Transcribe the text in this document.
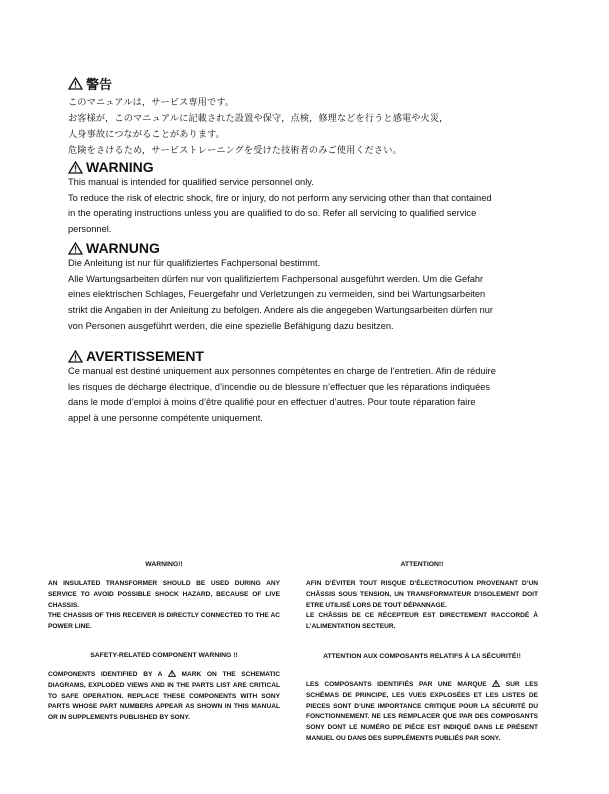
警告
このマニュアルは，サービス専用です。
お客様が，このマニュアルに記載された設置や保守，点検，修理などを行うと感電や火災，
人身事故につながることがあります。
危険をさけるため，サービストレーニングを受けた技術者のみご使用ください。
WARNING

This manual is intended for qualified service personnel only.
To reduce the risk of electric shock, fire or injury, do not perform any servicing other than that contained in the operating instructions unless you are qualified to do so. Refer all servicing to qualified service personnel.

WARNUNG

Die Anleitung ist nur für qualifiziertes Fachpersonal bestimmt.
Alle Wartungsarbeiten dürfen nur von qualifiziertem Fachpersonal ausgeführt werden. Um die Gefahr eines elektrischen Schlages, Feuergefahr und Verletzungen zu vermeiden, sind bei Wartungsarbeiten strikt die Angaben in der Anleitung zu befolgen. Andere als die angegeben Wartungsarbeiten dürfen nur von Personen ausgeführt werden, die eine spezielle Befähigung dazu besitzen.

AVERTISSEMENT

Ce manual est destiné uniquement aux personnes compétentes en charge de l’entretien. Afin de réduire les risques de décharge électrique, d’incendie ou de blessure n’effectuer que les réparations indiquées dans le mode d’emploi à moins d’être qualifié pour en effectuer d’autres. Pour toute réparation faire appel à une personne compétente uniquement.

WARNING!!

AN INSULATED TRANSFORMER SHOULD BE USED DURING ANY SERVICE TO AVOID POSSIBLE SHOCK HAZARD, BECAUSE OF LIVE CHASSIS.
THE CHASSIS OF THIS RECEIVER IS DIRECTLY CONNECTED TO THE AC POWER LINE.

SAFETY-RELATED COMPONENT WARNING !!

COMPONENTS IDENTIFIED BY A  MARK ON THE SCHEMATIC DIAGRAMS, EXPLODED VIEWS AND IN THE PARTS LIST ARE CRITICAL TO SAFE OPERATION. REPLACE THESE COMPONENTS WITH SONY PARTS WHOSE PART NUMBERS APPEAR AS SHOWN IN THIS MANUAL OR IN SUPPLEMENTS PUBLISHED BY SONY.

ATTENTION!!

AFIN D’ÉVITER TOUT RISQUE D’ÉLECTROCUTION PROVENANT D’UN CHÂSSIS SOUS TENSION, UN TRANSFORMATEUR D’ISOLEMENT DOIT ETRE UTILISÉ LORS DE TOUT DÉPANNAGE.
LE CHÂSSIS DE CE RÉCEPTEUR EST DIRECTEMENT RACCORDÉ À L’ALIMENTATION SECTEUR.

ATTENTION AUX COMPOSANTS RELATIFS À LA SÉCURITÉ!!

LES COMPOSANTS IDENTIFIÉS PAR UNE MARQUE  SUR LES SCHÉMAS DE PRINCIPE, LES VUES EXPLOSÉES ET LES LISTES DE PIECES SONT D’UNE IMPORTANCE CRITIQUE POUR LA SÉCURITÉ DU FONCTIONNEMENT. NE LES REMPLACER QUE PAR DES COMPOSANTS SONY DONT LE NUMÉRO DE PIÈCE EST INDIQUÉ DANS LE PRÉSENT MANUEL OU DANS DES SUPPLÉMENTS PUBLIÉS PAR SONY.
